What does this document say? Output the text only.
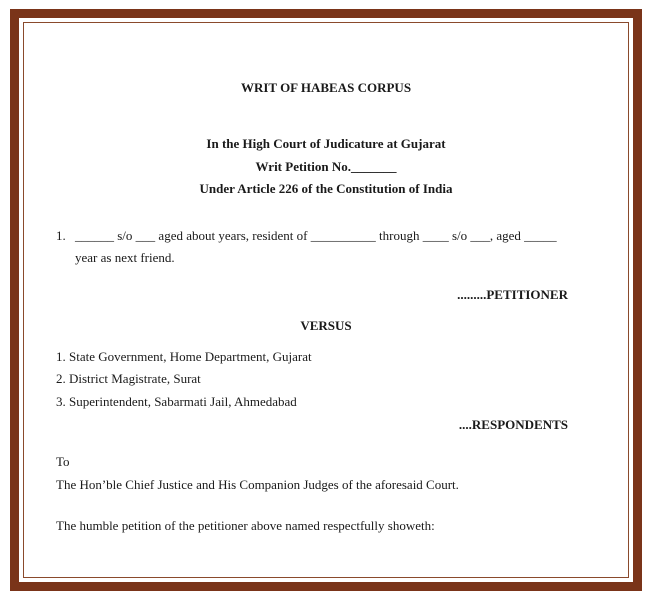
WRIT OF HABEAS CORPUS
In the High Court of Judicature at Gujarat
Writ Petition No._______
Under Article 226 of the Constitution of India
1. ______ s/o ___ aged about years, resident of __________ through ____ s/o ___, aged _____
year as next friend.
.........PETITIONER
VERSUS
1. State Government, Home Department, Gujarat
2. District Magistrate, Surat
3. Superintendent, Sabarmati Jail, Ahmedabad
....RESPONDENTS
To
The Hon’ble Chief Justice and His Companion Judges of the aforesaid Court.
The humble petition of the petitioner above named respectfully showeth:
